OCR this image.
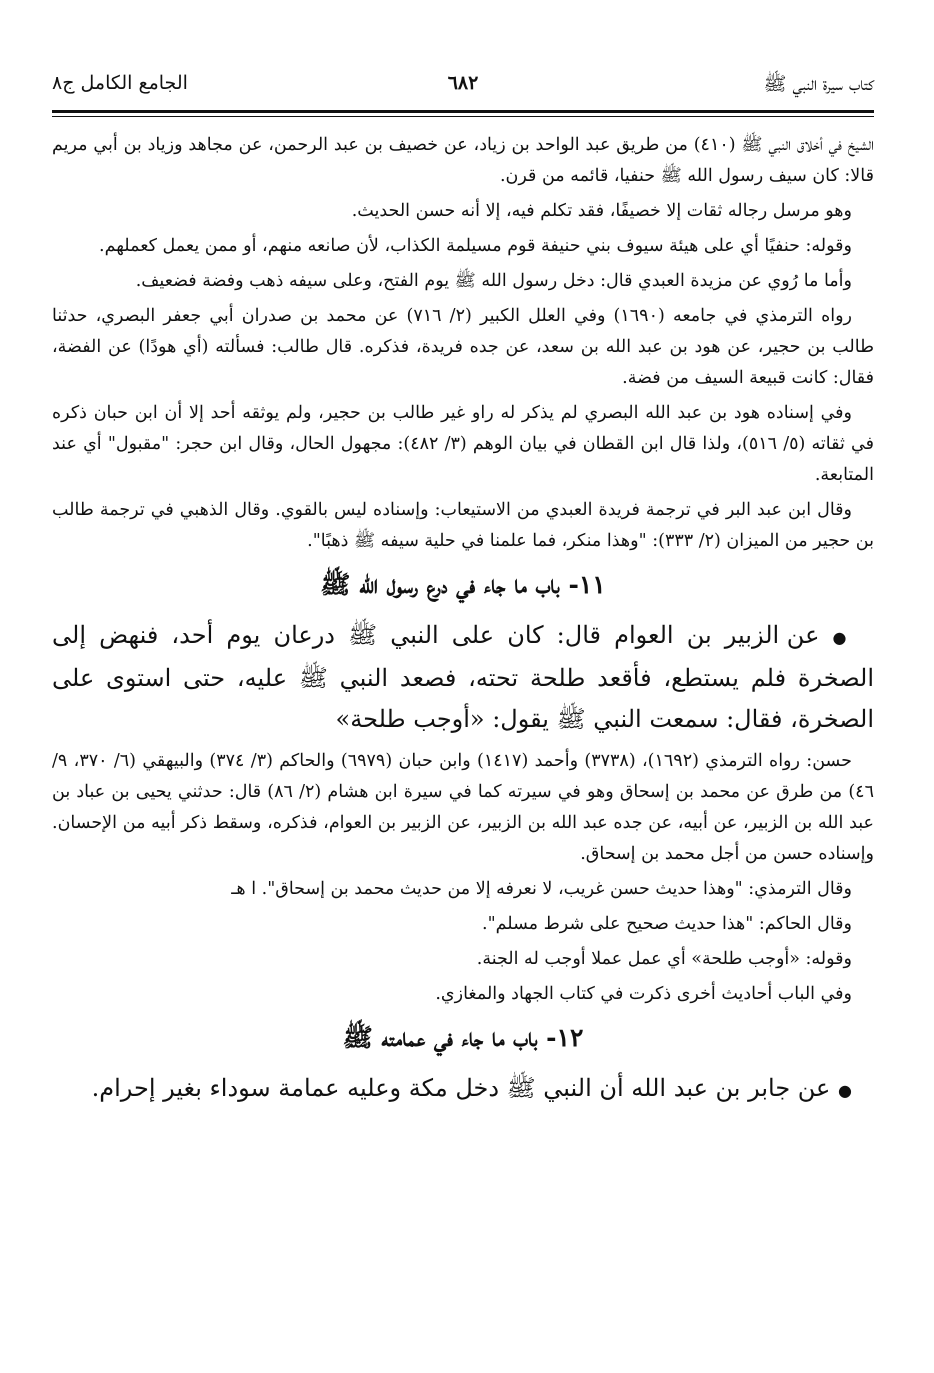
كتاب سيرة النبي ﷺ
٦٨٢
الجامع الكامل ج٨

الشيخ في أخلاق النبي ﷺ (٤١٠) من طريق عبد الواحد بن زياد، عن خصيف بن عبد الرحمن، عن مجاهد وزياد بن أبي مريم قالا: كان سيف رسول الله ﷺ حنفيا، قائمه من قرن.

وهو مرسل رجاله ثقات إلا خصيفًا، فقد تكلم فيه، إلا أنه حسن الحديث.

وقوله: حنفيًا أي على هيئة سيوف بني حنيفة قوم مسيلمة الكذاب، لأن صانعه منهم، أو ممن يعمل كعملهم.

وأما ما رُوي عن مزيدة العبدي قال: دخل رسول الله ﷺ يوم الفتح، وعلى سيفه ذهب وفضة فضعيف.

رواه الترمذي في جامعه (١٦٩٠) وفي العلل الكبير (٢/ ٧١٦) عن محمد بن صدران أبي جعفر البصري، حدثنا طالب بن حجير، عن هود بن عبد الله بن سعد، عن جده فريدة، فذكره. قال طالب: فسألته (أي هودًا) عن الفضة، فقال: كانت قبيعة السيف من فضة.

وفي إسناده هود بن عبد الله البصري لم يذكر له راو غير طالب بن حجير، ولم يوثقه أحد إلا أن ابن حبان ذكره في ثقاته (٥/ ٥١٦)، ولذا قال ابن القطان في بيان الوهم (٣/ ٤٨٢): مجهول الحال، وقال ابن حجر: "مقبول" أي عند المتابعة.

وقال ابن عبد البر في ترجمة فريدة العبدي من الاستيعاب: وإسناده ليس بالقوي. وقال الذهبي في ترجمة طالب بن حجير من الميزان (٢/ ٣٣٣): "وهذا منكر، فما علمنا في حلية سيفه ﷺ ذهبًا".

١١- باب ما جاء في درع رسول الله ﷺ

● عن الزبير بن العوام قال: كان على النبي ﷺ درعان يوم أحد، فنهض إلى الصخرة فلم يستطع، فأقعد طلحة تحته، فصعد النبي ﷺ عليه، حتى استوى على الصخرة، فقال: سمعت النبي ﷺ يقول: «أوجب طلحة»

حسن: رواه الترمذي (١٦٩٢)، (٣٧٣٨) وأحمد (١٤١٧) وابن حبان (٦٩٧٩) والحاكم (٣/ ٣٧٤) والبيهقي (٦/ ٣٧٠، ٩/ ٤٦) من طرق عن محمد بن إسحاق وهو في سيرته كما في سيرة ابن هشام (٢/ ٨٦) قال: حدثني يحيى بن عباد بن عبد الله بن الزبير، عن أبيه، عن جده عبد الله بن الزبير، عن الزبير بن العوام، فذكره، وسقط ذكر أبيه من الإحسان. وإسناده حسن من أجل محمد بن إسحاق.

وقال الترمذي: "وهذا حديث حسن غريب، لا نعرفه إلا من حديث محمد بن إسحاق". ا هـ

وقال الحاكم: "هذا حديث صحيح على شرط مسلم".

وقوله: «أوجب طلحة» أي عمل عملا أوجب له الجنة.

وفي الباب أحاديث أخرى ذكرت في كتاب الجهاد والمغازي.

١٢- باب ما جاء في عمامته ﷺ

● عن جابر بن عبد الله أن النبي ﷺ دخل مكة وعليه عمامة سوداء بغير إحرام.
